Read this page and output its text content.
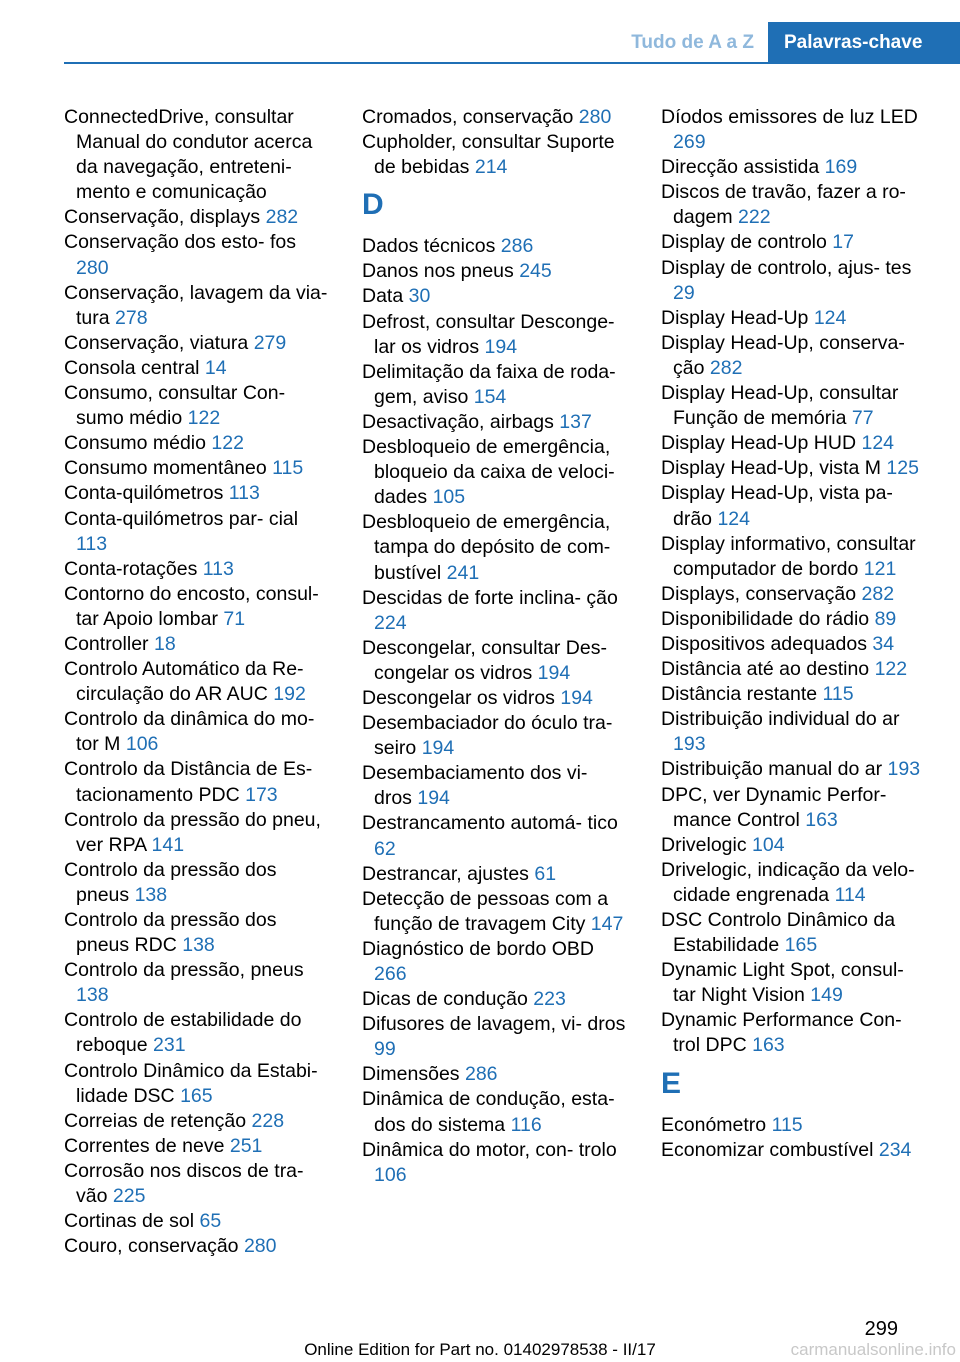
Tudo de A a Z	Palavras-chave
ConnectedDrive, consultar Manual do condutor acerca da navegação, entreteni‐ mento e comunicação
Conservação, displays 282
Conservação dos esto‐ fos 280
Conservação, lavagem da via‐ tura 278
Conservação, viatura 279
Consola central 14
Consumo, consultar Con‐ sumo médio 122
Consumo médio 122
Consumo momentâneo 115
Conta-quilómetros 113
Conta-quilómetros par‐ cial 113
Conta-rotações 113
Contorno do encosto, consul‐ tar Apoio lombar 71
Controller 18
Controlo Automático da Re‐ circulação do AR AUC 192
Controlo da dinâmica do mo‐ tor M 106
Controlo da Distância de Es‐ tacionamento PDC 173
Controlo da pressão do pneu, ver RPA 141
Controlo da pressão dos pneus 138
Controlo da pressão dos pneus RDC 138
Controlo da pressão, pneus 138
Controlo de estabilidade do reboque 231
Controlo Dinâmico da Estabi‐ lidade DSC 165
Correias de retenção 228
Correntes de neve 251
Corrosão nos discos de tra‐ vão 225
Cortinas de sol 65
Couro, conservação 280
Cromados, conservação 280
Cupholder, consultar Suporte de bebidas 214
D
Dados técnicos 286
Danos nos pneus 245
Data 30
Defrost, consultar Desconge‐ lar os vidros 194
Delimitação da faixa de roda‐ gem, aviso 154
Desactivação, airbags 137
Desbloqueio de emergência, bloqueio da caixa de veloci‐ dades 105
Desbloqueio de emergência, tampa do depósito de com‐ bustível 241
Descidas de forte inclina‐ ção 224
Descongelar, consultar Des‐ congelar os vidros 194
Descongelar os vidros 194
Desembaciador do óculo tra‐ seiro 194
Desembaciamento dos vi‐ dros 194
Destrancamento automá‐ tico 62
Destrancar, ajustes 61
Detecção de pessoas com a função de travagem City 147
Diagnóstico de bordo OBD 266
Dicas de condução 223
Difusores de lavagem, vi‐ dros 99
Dimensões 286
Dinâmica de condução, esta‐ dos do sistema 116
Dinâmica do motor, con‐ trolo 106
Díodos emissores de luz LED 269
Direcção assistida 169
Discos de travão, fazer a ro‐ dagem 222
Display de controlo 17
Display de controlo, ajus‐ tes 29
Display Head-Up 124
Display Head-Up, conserva‐ ção 282
Display Head-Up, consultar Função de memória 77
Display Head-Up HUD 124
Display Head-Up, vista M 125
Display Head-Up, vista pa‐ drão 124
Display informativo, consultar computador de bordo 121
Displays, conservação 282
Disponibilidade do rádio 89
Dispositivos adequados 34
Distância até ao destino 122
Distância restante 115
Distribuição individual do ar 193
Distribuição manual do ar 193
DPC, ver Dynamic Perfor‐ mance Control 163
Drivelogic 104
Drivelogic, indicação da velo‐ cidade engrenada 114
DSC Controlo Dinâmico da Estabilidade 165
Dynamic Light Spot, consul‐ tar Night Vision 149
Dynamic Performance Con‐ trol DPC 163
E
Económetro 115
Economizar combustível 234
299
Online Edition for Part no. 01402978538 - II/17	carmanualsonline.info
